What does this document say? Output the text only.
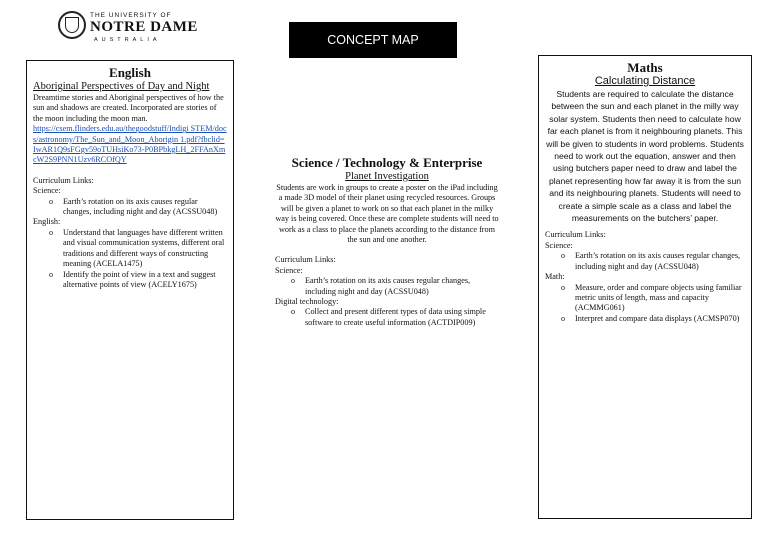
THE UNIVERSITY OF
NOTRE DAME
AUSTRALIA	CONCEPT MAP
English
Aboriginal Perspectives of Day and Night
Dreamtime stories and Aboriginal perspectives of how the sun and shadows are created. Incorporated are stories of the moon including the moon man.
https://csem.flinders.edu.au/thegoodstuff/Indigi STEM/docs/astronomy/The_Sun_and_Moon_Aborigin 1.pdf?fbclid=IwAR1Q9sFGgv59oTUHsiKo73-P0BPbkgLH_2FFAnXmcW2S9PNN1Uzv6RCOfQY
Curriculum Links:
Science:
o Earth’s rotation on its axis causes regular changes, including night and day (ACSSU048)
English:
o Understand that languages have different written and visual communication systems, different oral traditions and different ways of constructing meaning (ACELA1475)
o Identify the point of view in a text and suggest alternative points of view (ACELY1675)
Science / Technology & Enterprise
Planet Investigation
Students are work in groups to create a poster on the iPad including a made 3D model of their planet using recycled resources. Groups will be given a planet to work on so that each planet in the milky way is being covered. Once these are complete students will need to work as a class to place the planets according to the distance from the sun and one another.
Curriculum Links:
Science:
o Earth’s rotation on its axis causes regular changes, including night and day (ACSSU048)
Digital technology:
o Collect and present different types of data using simple software to create useful information (ACTDIP009)
Maths
Calculating Distance
Students are required to calculate the distance between the sun and each planet in the milly way solar system. Students then need to calculate how far each planet is from it neighbouring planets. This will be given to students in word problems. Students need to work out the equation, answer and then using butchers paper need to draw and label the planet representing how far away it is from the sun and its neighbouring planets. Students will need to create a simple scale as a class and label the measurements on the butchers’ paper.
Curriculum Links:
Science:
o Earth’s rotation on its axis causes regular changes, including night and day (ACSSU048)
Math:
o Measure, order and compare objects using familiar metric units of length, mass and capacity (ACMMG061)
o Interpret and compare data displays (ACMSP070)
